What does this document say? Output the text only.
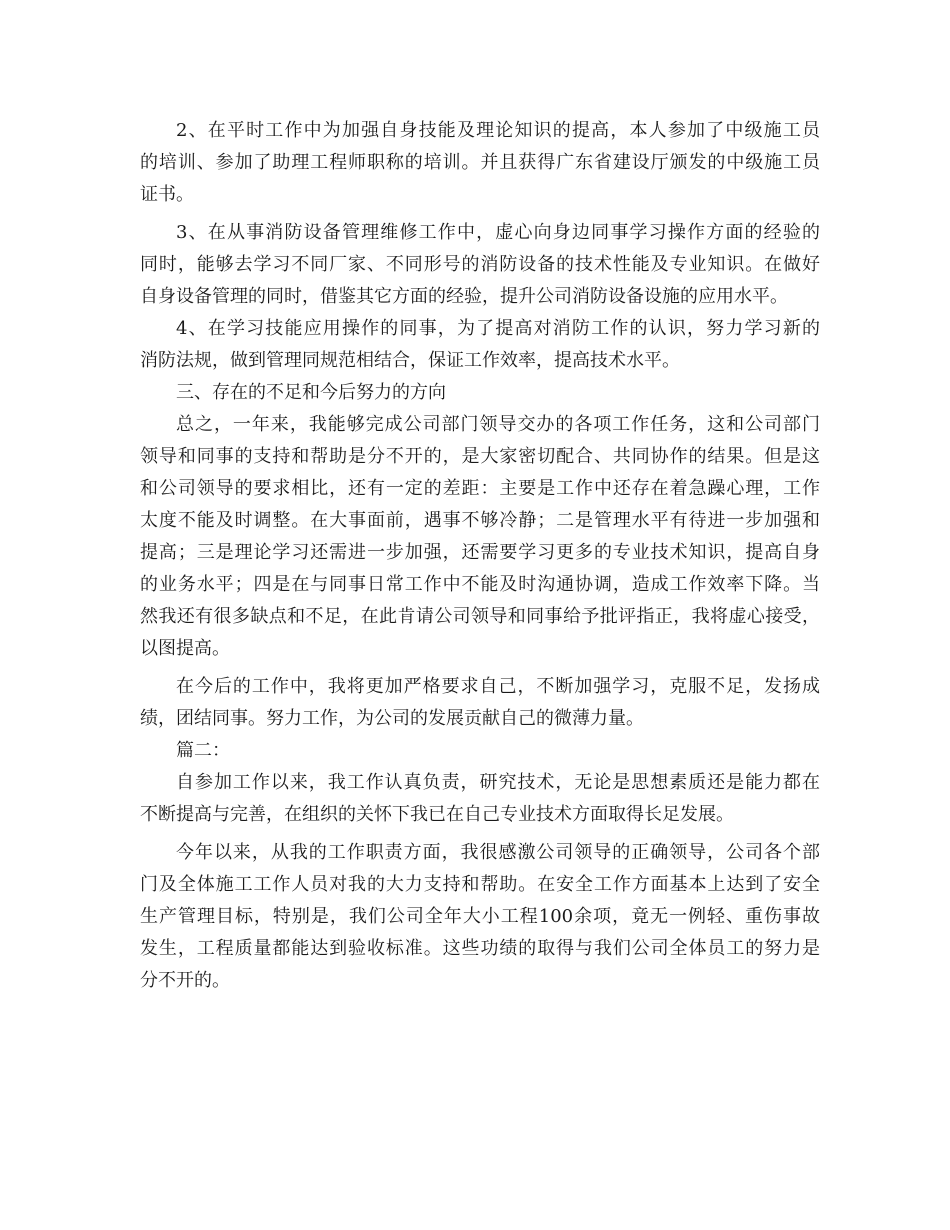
2、在平时工作中为加强自身技能及理论知识的提高，本人参加了中级施工员
的培训、参加了助理工程师职称的培训。并且获得广东省建设厅颁发的中级施工员
证书。
3、在从事消防设备管理维修工作中，虚心向身边同事学习操作方面的经验的
同时，能够去学习不同厂家、不同形号的消防设备的技术性能及专业知识。在做好
自身设备管理的同时，借鉴其它方面的经验，提升公司消防设备设施的应用水平。
4、在学习技能应用操作的同事，为了提高对消防工作的认识，努力学习新的
消防法规，做到管理同规范相结合，保证工作效率，提高技术水平。
三、存在的不足和今后努力的方向
总之，一年来，我能够完成公司部门领导交办的各项工作任务，这和公司部门
领导和同事的支持和帮助是分不开的，是大家密切配合、共同协作的结果。但是这
和公司领导的要求相比，还有一定的差距：主要是工作中还存在着急躁心理，工作
太度不能及时调整。在大事面前，遇事不够冷静；二是管理水平有待进一步加强和
提高；三是理论学习还需进一步加强，还需要学习更多的专业技术知识，提高自身
的业务水平；四是在与同事日常工作中不能及时沟通协调，造成工作效率下降。当
然我还有很多缺点和不足，在此肯请公司领导和同事给予批评指正，我将虚心接受，
以图提高。
在今后的工作中，我将更加严格要求自己，不断加强学习，克服不足，发扬成
绩，团结同事。努力工作，为公司的发展贡献自己的微薄力量。
篇二：
自参加工作以来，我工作认真负责，研究技术，无论是思想素质还是能力都在
不断提高与完善，在组织的关怀下我已在自己专业技术方面取得长足发展。
今年以来，从我的工作职责方面，我很感激公司领导的正确领导，公司各个部
门及全体施工工作人员对我的大力支持和帮助。在安全工作方面基本上达到了安全
生产管理目标，特别是，我们公司全年大小工程100余项，竟无一例轻、重伤事故
发生，工程质量都能达到验收标准。这些功绩的取得与我们公司全体员工的努力是
分不开的。
